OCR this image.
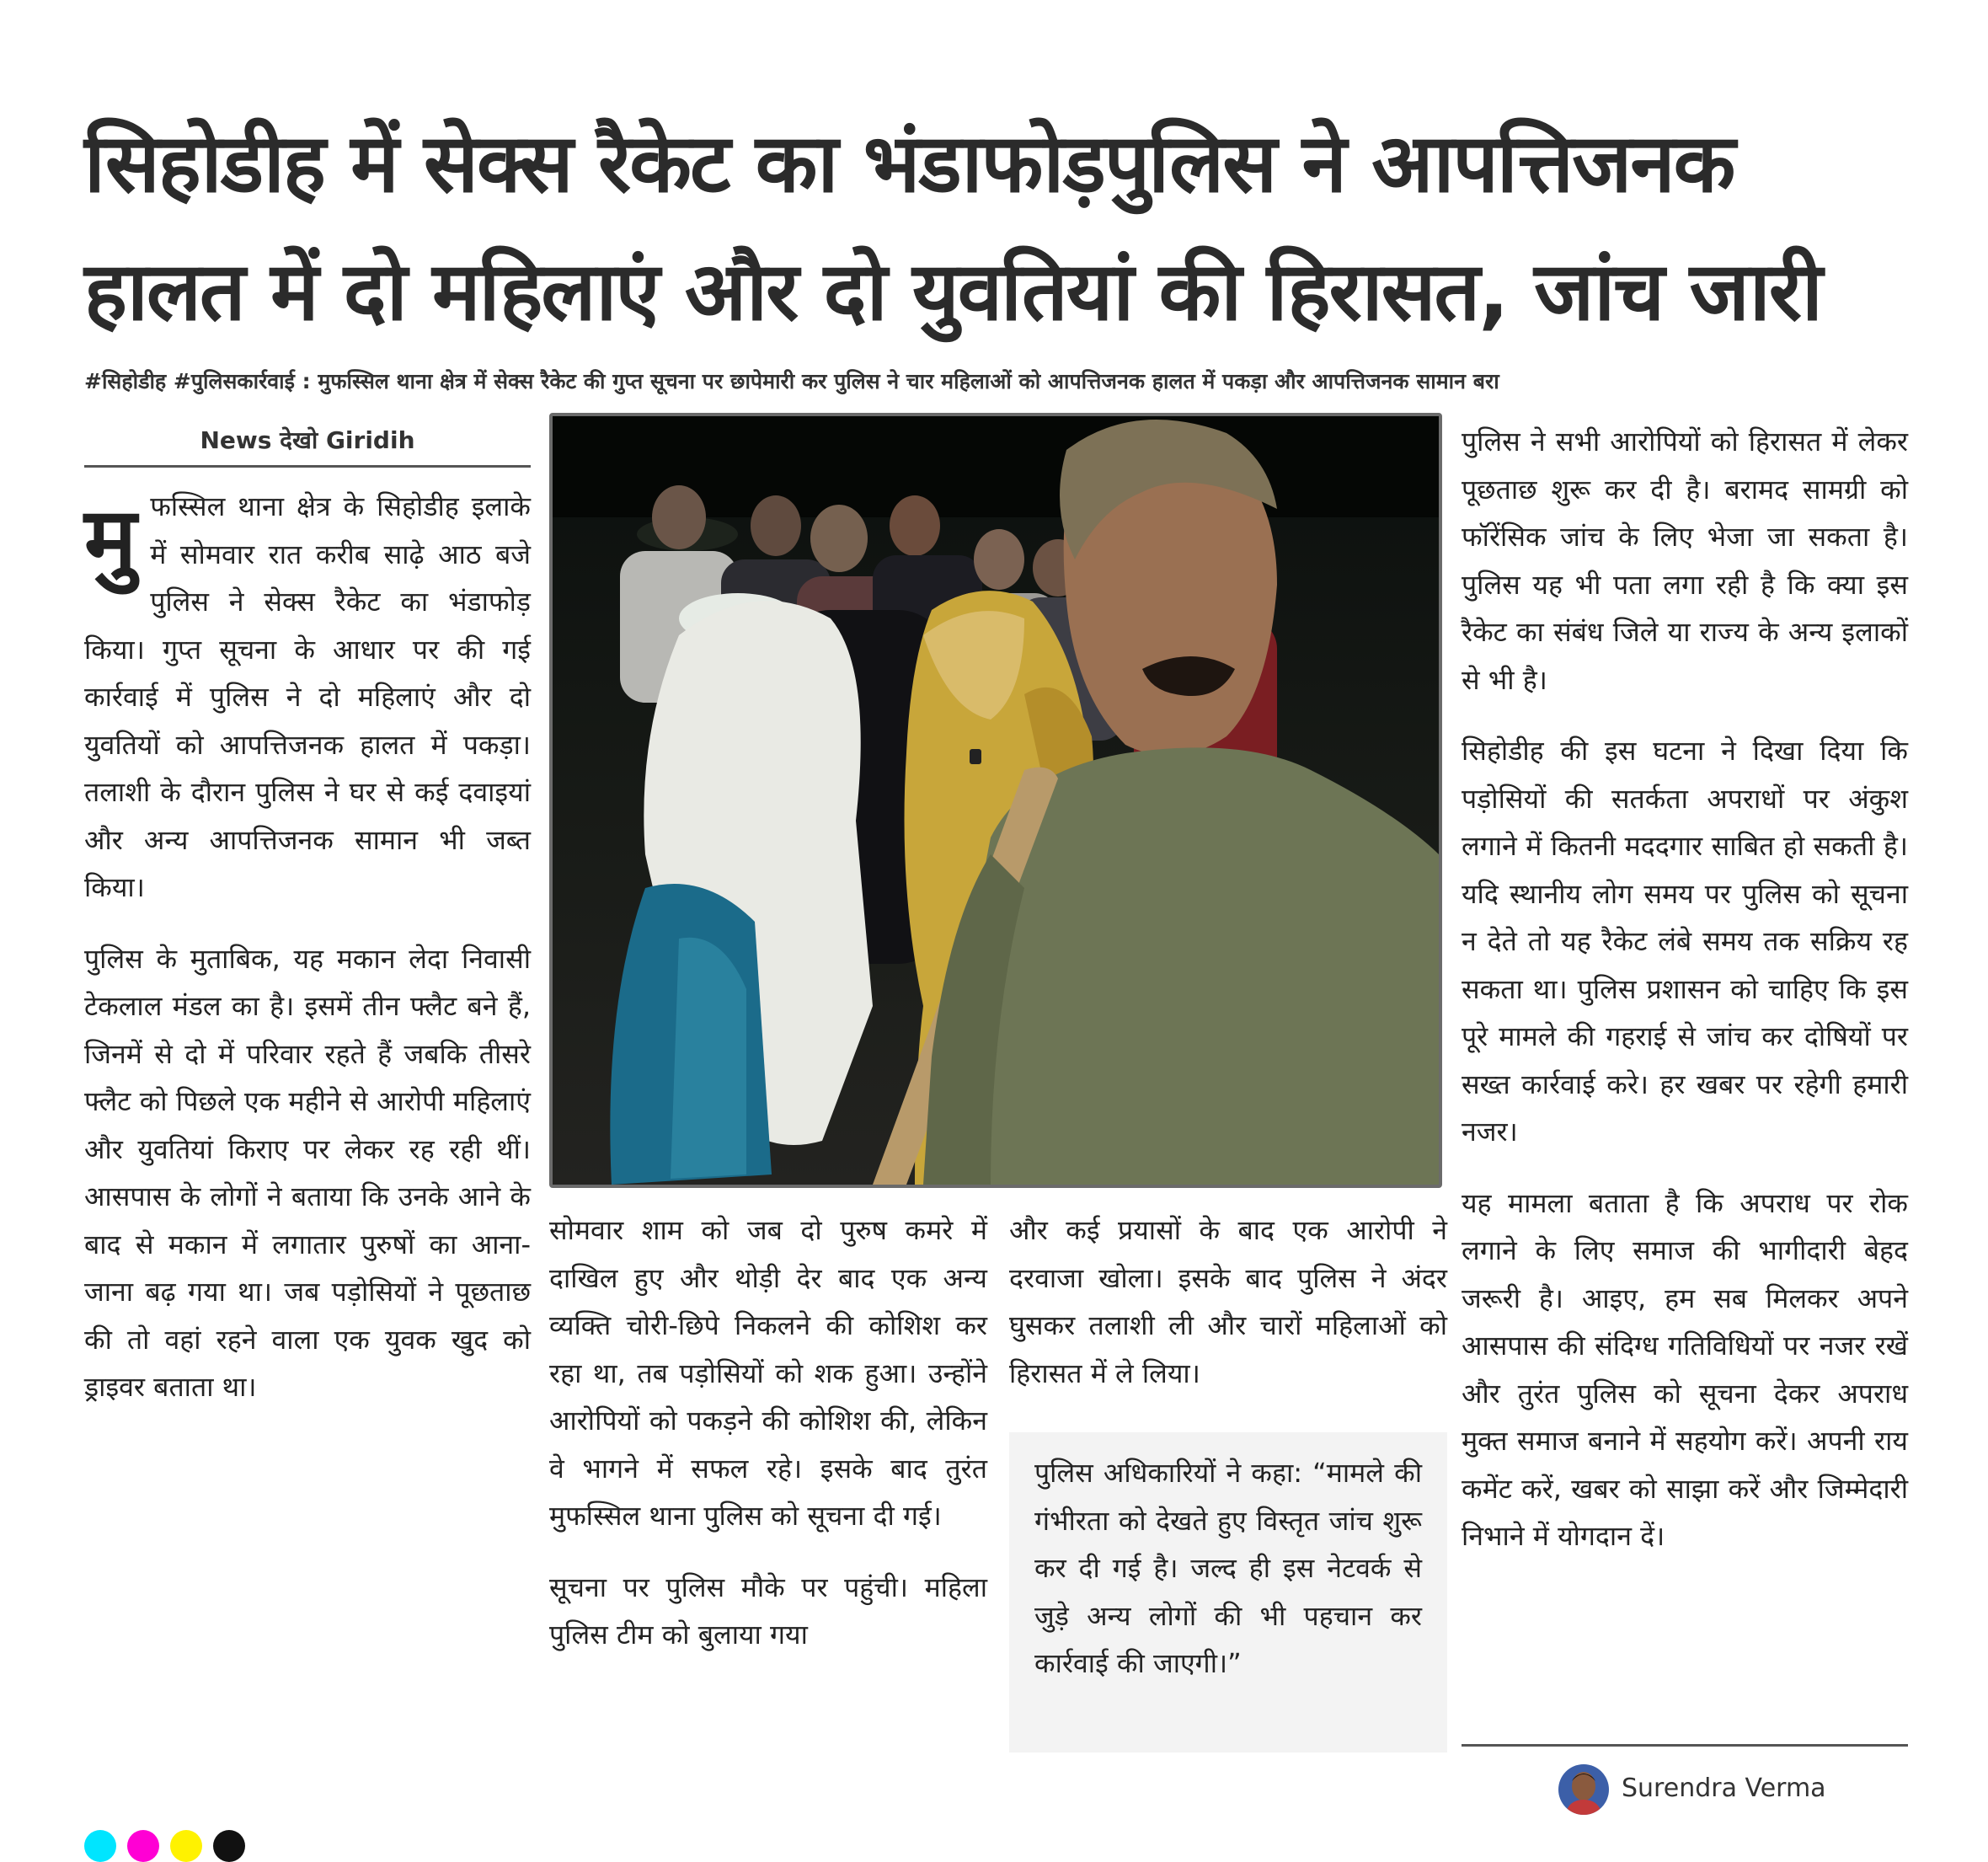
सिहोडीह में सेक्स रैकेट का भंडाफोड़पुलिस ने आपत्तिजनक
हालत में दो महिलाएं और दो युवतियां की हिरासत, जांच जारी
#सिहोडीह #पुलिसकार्रवाई : मुफस्सिल थाना क्षेत्र में सेक्स रैकेट की गुप्त सूचना पर छापेमारी कर पुलिस ने चार महिलाओं को आपत्तिजनक हालत में पकड़ा और आपत्तिजनक सामान बरा
News देखो Giridih

मुफस्सिल थाना क्षेत्र के सिहोडीह इलाके में सोमवार रात करीब साढ़े आठ बजे पुलिस ने सेक्स रैकेट का भंडाफोड़ किया। गुप्त सूचना के आधार पर की गई कार्रवाई में पुलिस ने दो महिलाएं और दो युवतियों को आपत्तिजनक हालत में पकड़ा। तलाशी के दौरान पुलिस ने घर से कई दवाइयां और अन्य आपत्तिजनक सामान भी जब्त किया।

पुलिस के मुताबिक, यह मकान लेदा निवासी टेकलाल मंडल का है। इसमें तीन फ्लैट बने हैं, जिनमें से दो में परिवार रहते हैं जबकि तीसरे फ्लैट को पिछले एक महीने से आरोपी महिलाएं और युवतियां किराए पर लेकर रह रही थीं। आसपास के लोगों ने बताया कि उनके आने के बाद से मकान में लगातार पुरुषों का आना-जाना बढ़ गया था। जब पड़ोसियों ने पूछताछ की तो वहां रहने वाला एक युवक खुद को ड्राइवर बताता था।

सोमवार शाम को जब दो पुरुष कमरे में दाखिल हुए और थोड़ी देर बाद एक अन्य व्यक्ति चोरी-छिपे निकलने की कोशिश कर रहा था, तब पड़ोसियों को शक हुआ। उन्होंने आरोपियों को पकड़ने की कोशिश की, लेकिन वे भागने में सफल रहे। इसके बाद तुरंत मुफस्सिल थाना पुलिस को सूचना दी गई।

सूचना पर पुलिस मौके पर पहुंची। महिला पुलिस टीम को बुलाया गया

और कई प्रयासों के बाद एक आरोपी ने दरवाजा खोला। इसके बाद पुलिस ने अंदर घुसकर तलाशी ली और चारों महिलाओं को हिरासत में ले लिया।

पुलिस अधिकारियों ने कहा: “मामले की गंभीरता को देखते हुए विस्तृत जांच शुरू कर दी गई है। जल्द ही इस नेटवर्क से जुड़े अन्य लोगों की भी पहचान कर कार्रवाई की जाएगी।”

पुलिस ने सभी आरोपियों को हिरासत में लेकर पूछताछ शुरू कर दी है। बरामद सामग्री को फॉरेंसिक जांच के लिए भेजा जा सकता है। पुलिस यह भी पता लगा रही है कि क्या इस रैकेट का संबंध जिले या राज्य के अन्य इलाकों से भी है।

सिहोडीह की इस घटना ने दिखा दिया कि पड़ोसियों की सतर्कता अपराधों पर अंकुश लगाने में कितनी मददगार साबित हो सकती है। यदि स्थानीय लोग समय पर पुलिस को सूचना न देते तो यह रैकेट लंबे समय तक सक्रिय रह सकता था। पुलिस प्रशासन को चाहिए कि इस पूरे मामले की गहराई से जांच कर दोषियों पर सख्त कार्रवाई करे। हर खबर पर रहेगी हमारी नजर।

यह मामला बताता है कि अपराध पर रोक लगाने के लिए समाज की भागीदारी बेहद जरूरी है। आइए, हम सब मिलकर अपने आसपास की संदिग्ध गतिविधियों पर नजर रखें और तुरंत पुलिस को सूचना देकर अपराध मुक्त समाज बनाने में सहयोग करें। अपनी राय कमेंट करें, खबर को साझा करें और जिम्मेदारी निभाने में योगदान दें।

Surendra Verma
